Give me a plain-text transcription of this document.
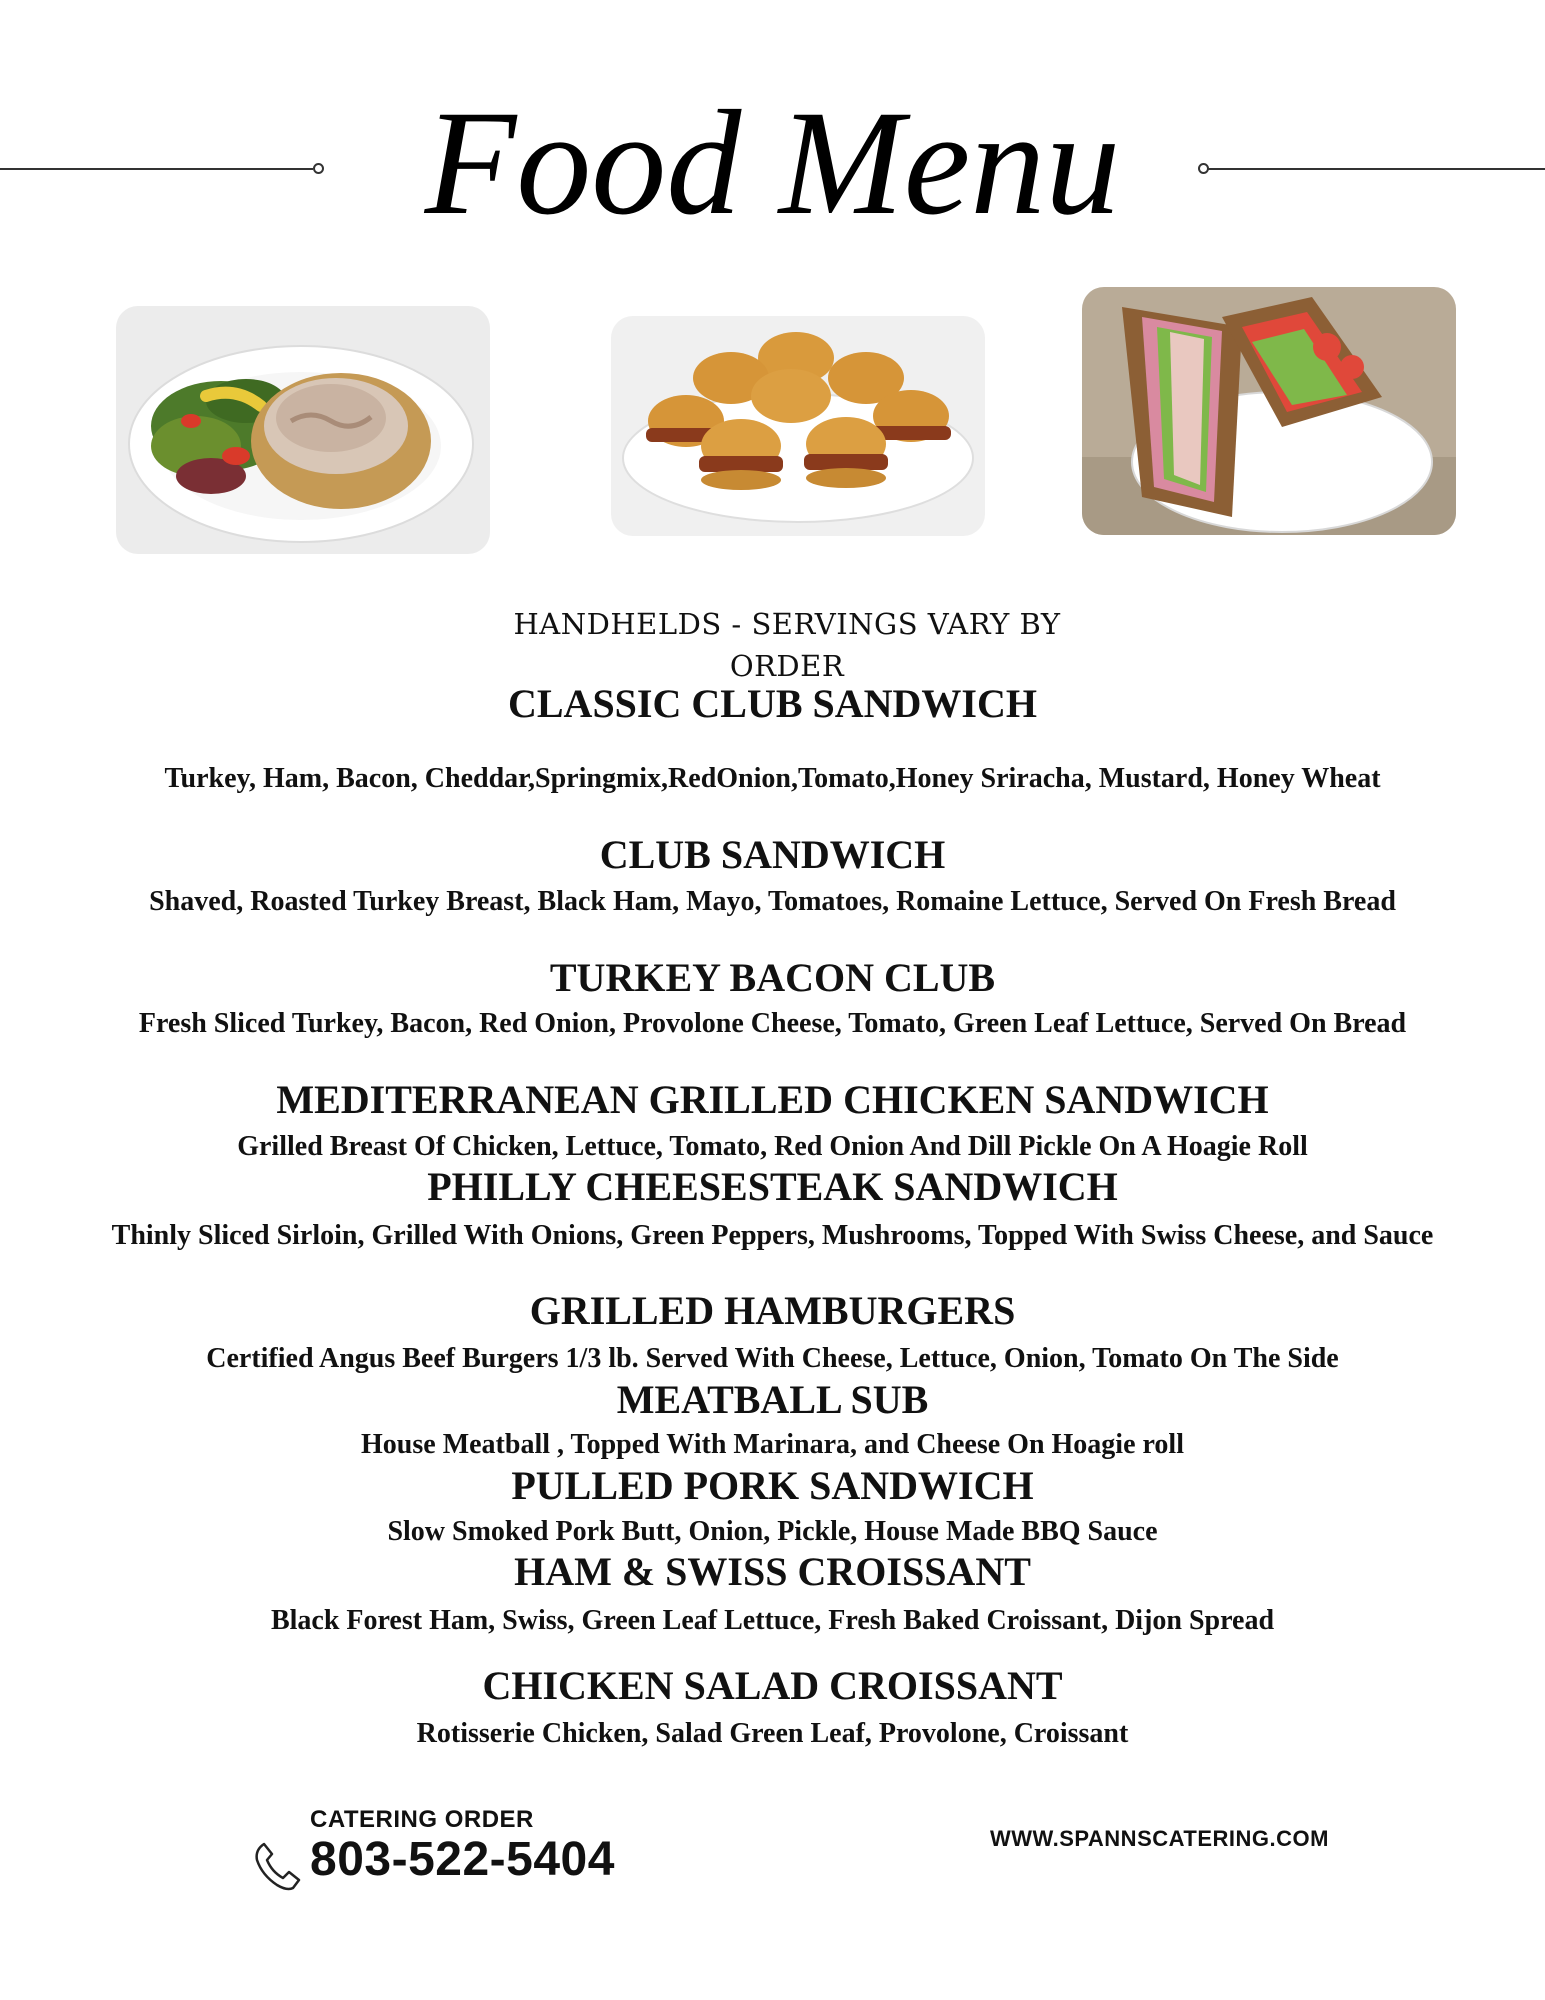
Food Menu
HANDHELDS - SERVINGS VARY BY ORDER
CLASSIC CLUB SANDWICH

Turkey, Ham, Bacon, Cheddar,Springmix,RedOnion,Tomato,Honey Sriracha, Mustard, Honey Wheat

CLUB SANDWICH

Shaved, Roasted Turkey Breast, Black Ham, Mayo, Tomatoes, Romaine Lettuce, Served On Fresh Bread

TURKEY BACON CLUB

Fresh Sliced Turkey, Bacon, Red Onion, Provolone Cheese, Tomato, Green Leaf Lettuce, Served On Bread

MEDITERRANEAN GRILLED CHICKEN SANDWICH

Grilled Breast Of Chicken, Lettuce, Tomato, Red Onion And Dill Pickle On A Hoagie Roll

PHILLY CHEESESTEAK SANDWICH

Thinly Sliced Sirloin, Grilled With Onions, Green Peppers, Mushrooms, Topped With Swiss Cheese, and Sauce

GRILLED HAMBURGERS

Certified Angus Beef Burgers 1/3 lb. Served With Cheese, Lettuce, Onion, Tomato On The Side

MEATBALL SUB

House Meatball , Topped With Marinara, and Cheese On Hoagie roll

PULLED PORK SANDWICH

Slow Smoked Pork Butt, Onion, Pickle, House Made BBQ Sauce

HAM & SWISS CROISSANT

Black Forest Ham, Swiss, Green Leaf Lettuce, Fresh Baked Croissant, Dijon Spread

CHICKEN SALAD CROISSANT

Rotisserie Chicken, Salad Green Leaf, Provolone, Croissant

CATERING ORDER
803-522-5404	WWW.SPANNSCATERING.COM
